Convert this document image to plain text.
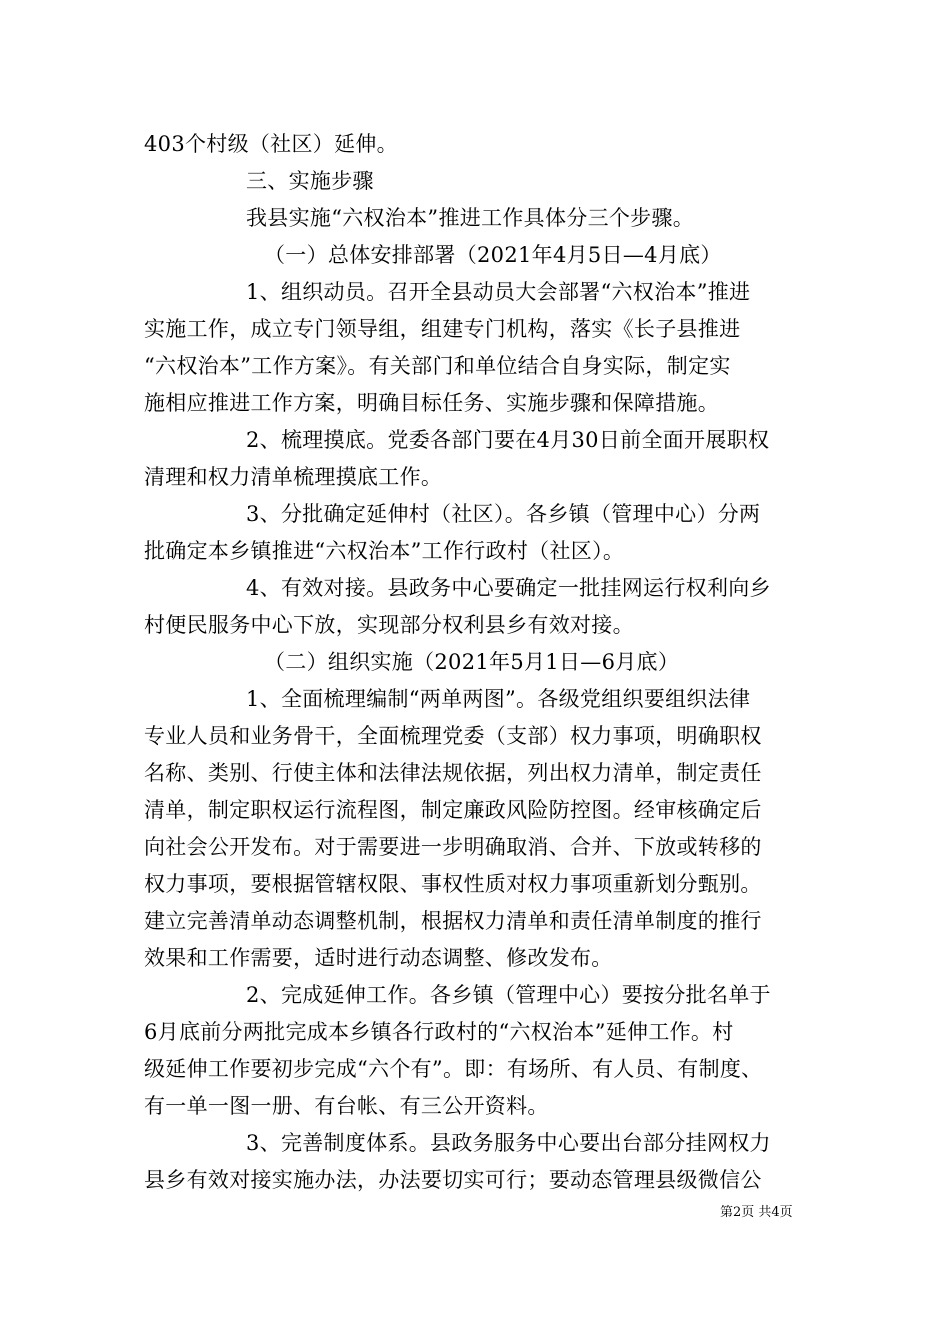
403个村级（社区）延伸。
三、实施步骤
我县实施“六权治本”推进工作具体分三个步骤。
（一）总体安排部署（2021年4月5日—4月底）
1、组织动员。召开全县动员大会部署“六权治本”推进
实施工作，成立专门领导组，组建专门机构，落实《长子县推进
“六权治本”工作方案》。有关部门和单位结合自身实际，制定实
施相应推进工作方案，明确目标任务、实施步骤和保障措施。
2、梳理摸底。党委各部门要在4月30日前全面开展职权
清理和权力清单梳理摸底工作。
3、分批确定延伸村（社区）。各乡镇（管理中心）分两
批确定本乡镇推进“六权治本”工作行政村（社区）。
4、有效对接。县政务中心要确定一批挂网运行权利向乡
村便民服务中心下放，实现部分权利县乡有效对接。
（二）组织实施（2021年5月1日—6月底）
1、全面梳理编制“两单两图”。各级党组织要组织法律
专业人员和业务骨干，全面梳理党委（支部）权力事项，明确职权
名称、类别、行使主体和法律法规依据，列出权力清单，制定责任
清单，制定职权运行流程图，制定廉政风险防控图。经审核确定后
向社会公开发布。对于需要进一步明确取消、合并、下放或转移的
权力事项，要根据管辖权限、事权性质对权力事项重新划分甄别。
建立完善清单动态调整机制，根据权力清单和责任清单制度的推行
效果和工作需要，适时进行动态调整、修改发布。
2、完成延伸工作。各乡镇（管理中心）要按分批名单于
6月底前分两批完成本乡镇各行政村的“六权治本”延伸工作。村
级延伸工作要初步完成“六个有”。即：有场所、有人员、有制度、
有一单一图一册、有台帐、有三公开资料。
3、完善制度体系。县政务服务中心要出台部分挂网权力
县乡有效对接实施办法，办法要切实可行；要动态管理县级微信公
第2页 共4页
